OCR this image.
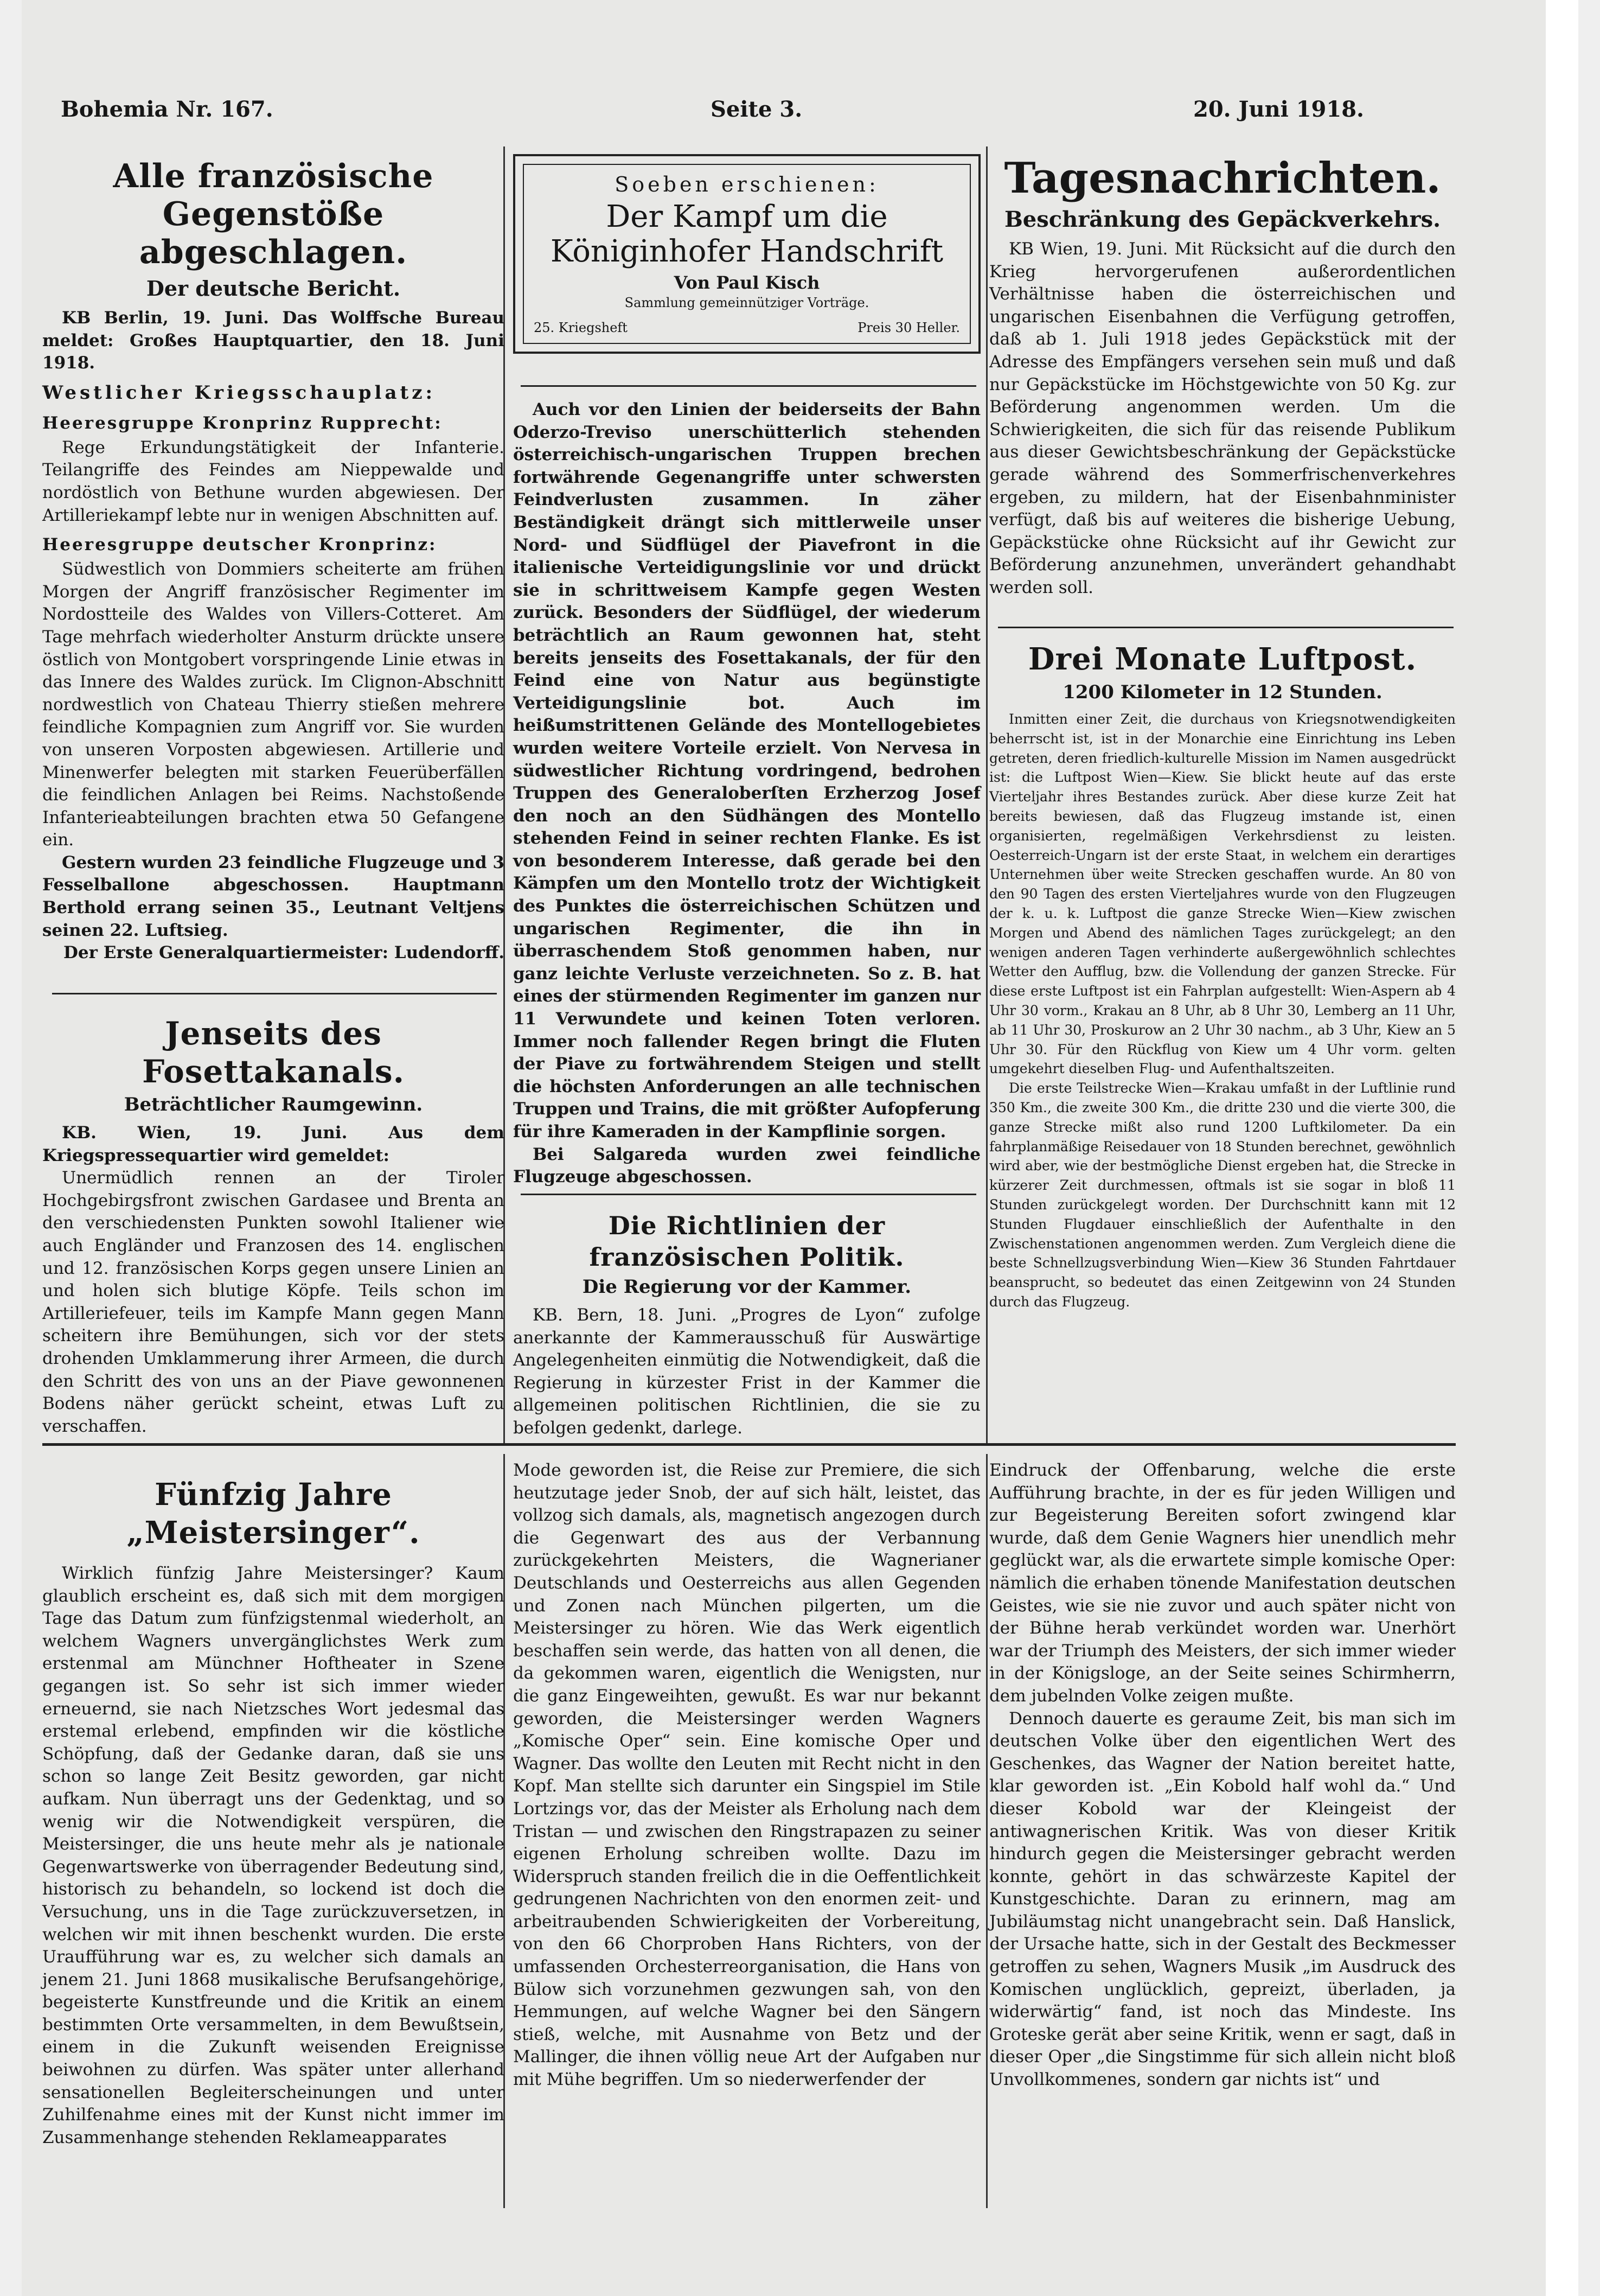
Bohemia Nr. 167.	Seite 3.	20. Juni 1918.
Alle französische Gegenstöße abgeschlagen.
Der deutsche Bericht.

KB Berlin, 19. Juni. Das Wolffsche Bureau meldet: Großes Hauptquartier, den 18. Juni 1918.

Westlicher Kriegsschauplatz:
Heeresgruppe Kronprinz Rupprecht:

Rege Erkundungstätigkeit der Infanterie. Teilangriffe des Feindes am Nieppewalde und nordöstlich von Bethune wurden abgewiesen. Der Artilleriekampf lebte nur in wenigen Abschnitten auf.

Heeresgruppe deutscher Kronprinz:

Südwestlich von Dommiers scheiterte am frühen Morgen der Angriff französischer Regimenter im Nordostteile des Waldes von Villers-Cotteret. Am Tage mehrfach wiederholter Ansturm drückte unsere östlich von Montgobert vorspringende Linie etwas in das Innere des Waldes zurück. Im Clignon-Abschnitt nordwestlich von Chateau Thierry stießen mehrere feindliche Kompagnien zum Angriff vor. Sie wurden von unseren Vorposten abgewiesen. Artillerie und Minenwerfer belegten mit starken Feuerüberfällen die feindlichen Anlagen bei Reims. Nachstoßende Infanterieabteilungen brachten etwa 50 Gefangene ein.

Gestern wurden 23 feindliche Flugzeuge und 3 Fesselballone abgeschossen. Hauptmann Berthold errang seinen 35., Leutnant Veltjens seinen 22. Luftsieg.

Der Erste Generalquartiermeister: Ludendorff.
Jenseits des Fosettakanals.
Beträchtlicher Raumgewinn.

KB. Wien, 19. Juni. Aus dem Kriegspressequartier wird gemeldet:

Unermüdlich rennen an der Tiroler Hochgebirgsfront zwischen Gardasee und Brenta an den verschiedensten Punkten sowohl Italiener wie auch Engländer und Franzosen des 14. englischen und 12. französischen Korps gegen unsere Linien an und holen sich blutige Köpfe. Teils schon im Artilleriefeuer, teils im Kampfe Mann gegen Mann scheitern ihre Bemühungen, sich vor der stets drohenden Umklammerung ihrer Armeen, die durch den Schritt des von uns an der Piave gewonnenen Bodens näher gerückt scheint, etwas Luft zu verschaffen.

Fünfzig Jahre „Meistersinger“.

Wirklich fünfzig Jahre Meistersinger? Kaum glaublich erscheint es, daß sich mit dem morgigen Tage das Datum zum fünfzigstenmal wiederholt, an welchem Wagners unvergänglichstes Werk zum erstenmal am Münchner Hoftheater in Szene gegangen ist. So sehr ist sich immer wieder erneuernd, sie nach Nietzsches Wort jedesmal das erstemal erlebend, empfinden wir die köstliche Schöpfung, daß der Gedanke daran, daß sie uns schon so lange Zeit Besitz geworden, gar nicht aufkam. Nun überragt uns der Gedenktag, und so wenig wir die Notwendigkeit verspüren, die Meistersinger, die uns heute mehr als je nationale Gegenwartswerke von überragender Bedeutung sind, historisch zu behandeln, so lockend ist doch die Versuchung, uns in die Tage zurückzuversetzen, in welchen wir mit ihnen beschenkt wurden. Die erste Uraufführung war es, zu welcher sich damals an jenem 21. Juni 1868 musikalische Berufsangehörige, begeisterte Kunstfreunde und die Kritik an einem bestimmten Orte versammelten, in dem Bewußtsein, einem in die Zukunft weisenden Ereignisse beiwohnen zu dürfen. Was später unter allerhand sensationellen Begleiterscheinungen und unter Zuhilfenahme eines mit der Kunst nicht immer im Zusammenhange stehenden Reklameapparates

Soeben erschienen:
Der Kampf um die Königinhofer Handschrift
Von Paul Kisch
Sammlung gemeinnütziger Vorträge.
25. Kriegsheft	Preis 30 Heller.

Auch vor den Linien der beiderseits der Bahn Oderzo-Treviso unerschütterlich stehenden österreichisch-ungarischen Truppen brechen fortwährende Gegenangriffe unter schwersten Feindverlusten zusammen. In zäher Beständigkeit drängt sich mittlerweile unser Nord- und Südflügel der Piavefront in die italienische Verteidigungslinie vor und drückt sie in schrittweisem Kampfe gegen Westen zurück. Besonders der Südflügel, der wiederum beträchtlich an Raum gewonnen hat, steht bereits jenseits des Fosettakanals, der für den Feind eine von Natur aus begünstigte Verteidigungslinie bot. Auch im heißumstrittenen Gelände des Montellogebietes wurden weitere Vorteile erzielt. Von Nervesa in südwestlicher Richtung vordringend, bedrohen Truppen des Generaloberſten Erzherzog Josef den noch an den Südhängen des Montello stehenden Feind in seiner rechten Flanke. Es ist von besonderem Interesse, daß gerade bei den Kämpfen um den Montello trotz der Wichtigkeit des Punktes die österreichischen Schützen und ungarischen Regimenter, die ihn in überraschendem Stoß genommen haben, nur ganz leichte Verluste verzeichneten. So z. B. hat eines der stürmenden Regimenter im ganzen nur 11 Verwundete und keinen Toten verloren. Immer noch fallender Regen bringt die Fluten der Piave zu fortwährendem Steigen und stellt die höchsten Anforderungen an alle technischen Truppen und Trains, die mit größter Aufopferung für ihre Kameraden in der Kampflinie sorgen.

Bei Salgareda wurden zwei feindliche Flugzeuge abgeschossen.

Die Richtlinien der französischen Politik.
Die Regierung vor der Kammer.

KB. Bern, 18. Juni. „Progres de Lyon“ zufolge anerkannte der Kammerausschuß für Auswärtige Angelegenheiten einmütig die Notwendigkeit, daß die Regierung in kürzester Frist in der Kammer die allgemeinen politischen Richtlinien, die sie zu befolgen gedenkt, darlege.

Mode geworden ist, die Reise zur Premiere, die sich heutzutage jeder Snob, der auf sich hält, leistet, das vollzog sich damals, als, magnetisch angezogen durch die Gegenwart des aus der Verbannung zurückgekehrten Meisters, die Wagnerianer Deutschlands und Oesterreichs aus allen Gegenden und Zonen nach München pilgerten, um die Meistersinger zu hören. Wie das Werk eigentlich beschaffen sein werde, das hatten von all denen, die da gekommen waren, eigentlich die Wenigsten, nur die ganz Eingeweihten, gewußt. Es war nur bekannt geworden, die Meistersinger werden Wagners „Komische Oper“ sein. Eine komische Oper und Wagner. Das wollte den Leuten mit Recht nicht in den Kopf. Man stellte sich darunter ein Singspiel im Stile Lortzings vor, das der Meister als Erholung nach dem Tristan — und zwischen den Ringstrapazen zu seiner eigenen Erholung schreiben wollte. Dazu im Widerspruch standen freilich die in die Oeffentlichkeit gedrungenen Nachrichten von den enormen zeit- und arbeitraubenden Schwierigkeiten der Vorbereitung, von den 66 Chorproben Hans Richters, von der umfassenden Orchesterreorganisation, die Hans von Bülow sich vorzunehmen gezwungen sah, von den Hemmungen, auf welche Wagner bei den Sängern stieß, welche, mit Ausnahme von Betz und der Mallinger, die ihnen völlig neue Art der Aufgaben nur mit Mühe begriffen. Um so niederwerfender der

Tagesnachrichten.
Beschränkung des Gepäckverkehrs.

KB Wien, 19. Juni. Mit Rücksicht auf die durch den Krieg hervorgerufenen außerordentlichen Verhältnisse haben die österreichischen und ungarischen Eisenbahnen die Verfügung getroffen, daß ab 1. Juli 1918 jedes Gepäckstück mit der Adresse des Empfängers versehen sein muß und daß nur Gepäckstücke im Höchstgewichte von 50 Kg. zur Beförderung angenommen werden. Um die Schwierigkeiten, die sich für das reisende Publikum aus dieser Gewichtsbeschränkung der Gepäckstücke gerade während des Sommerfrischenverkehres ergeben, zu mildern, hat der Eisenbahnminister verfügt, daß bis auf weiteres die bisherige Uebung, Gepäckstücke ohne Rücksicht auf ihr Gewicht zur Beförderung anzunehmen, unverändert gehandhabt werden soll.

Drei Monate Luftpost.
1200 Kilometer in 12 Stunden.

Inmitten einer Zeit, die durchaus von Kriegsnotwendigkeiten beherrscht ist, ist in der Monarchie eine Einrichtung ins Leben getreten, deren friedlich-kulturelle Mission im Namen ausgedrückt ist: die Luftpost Wien—Kiew. Sie blickt heute auf das erste Vierteljahr ihres Bestandes zurück. Aber diese kurze Zeit hat bereits bewiesen, daß das Flugzeug imstande ist, einen organisierten, regelmäßigen Verkehrsdienst zu leisten. Oesterreich-Ungarn ist der erste Staat, in welchem ein derartiges Unternehmen über weite Strecken geschaffen wurde. An 80 von den 90 Tagen des ersten Vierteljahres wurde von den Flugzeugen der k. u. k. Luftpost die ganze Strecke Wien—Kiew zwischen Morgen und Abend des nämlichen Tages zurückgelegt; an den wenigen anderen Tagen verhinderte außergewöhnlich schlechtes Wetter den Aufflug, bzw. die Vollendung der ganzen Strecke. Für diese erste Luftpost ist ein Fahrplan aufgestellt: Wien-Aspern ab 4 Uhr 30 vorm., Krakau an 8 Uhr, ab 8 Uhr 30, Lemberg an 11 Uhr, ab 11 Uhr 30, Proskurow an 2 Uhr 30 nachm., ab 3 Uhr, Kiew an 5 Uhr 30. Für den Rückflug von Kiew um 4 Uhr vorm. gelten umgekehrt dieselben Flug- und Aufenthaltszeiten.

Die erste Teilstrecke Wien—Krakau umfaßt in der Luftlinie rund 350 Km., die zweite 300 Km., die dritte 230 und die vierte 300, die ganze Strecke mißt also rund 1200 Luftkilometer. Da ein fahrplanmäßige Reisedauer von 18 Stunden berechnet, gewöhnlich wird aber, wie der bestmögliche Dienst ergeben hat, die Strecke in kürzerer Zeit durchmessen, oftmals ist sie sogar in bloß 11 Stunden zurückgelegt worden. Der Durchschnitt kann mit 12 Stunden Flugdauer einschließlich der Aufenthalte in den Zwischenstationen angenommen werden. Zum Vergleich diene die beste Schnellzugsverbindung Wien—Kiew 36 Stunden Fahrtdauer beansprucht, so bedeutet das einen Zeitgewinn von 24 Stunden durch das Flugzeug.

Eindruck der Offenbarung, welche die erste Aufführung brachte, in der es für jeden Willigen und zur Begeisterung Bereiten sofort zwingend klar wurde, daß dem Genie Wagners hier unendlich mehr geglückt war, als die erwartete simple komische Oper: nämlich die erhaben tönende Manifestation deutschen Geistes, wie sie nie zuvor und auch später nicht von der Bühne herab verkündet worden war. Unerhört war der Triumph des Meisters, der sich immer wieder in der Königsloge, an der Seite seines Schirmherrn, dem jubelnden Volke zeigen mußte.

Dennoch dauerte es geraume Zeit, bis man sich im deutschen Volke über den eigentlichen Wert des Geschenkes, das Wagner der Nation bereitet hatte, klar geworden ist. „Ein Kobold half wohl da.“ Und dieser Kobold war der Kleingeist der antiwagnerischen Kritik. Was von dieser Kritik hindurch gegen die Meistersinger gebracht werden konnte, gehört in das schwärzeste Kapitel der Kunstgeschichte. Daran zu erinnern, mag am Jubiläumstag nicht unangebracht sein. Daß Hanslick, der Ursache hatte, sich in der Gestalt des Beckmesser getroffen zu sehen, Wagners Musik „im Ausdruck des Komischen unglücklich, gepreizt, überladen, ja widerwärtig“ fand, ist noch das Mindeste. Ins Groteske gerät aber seine Kritik, wenn er sagt, daß in dieser Oper „die Singstimme für sich allein nicht bloß Unvollkommenes, sondern gar nichts ist“ und
